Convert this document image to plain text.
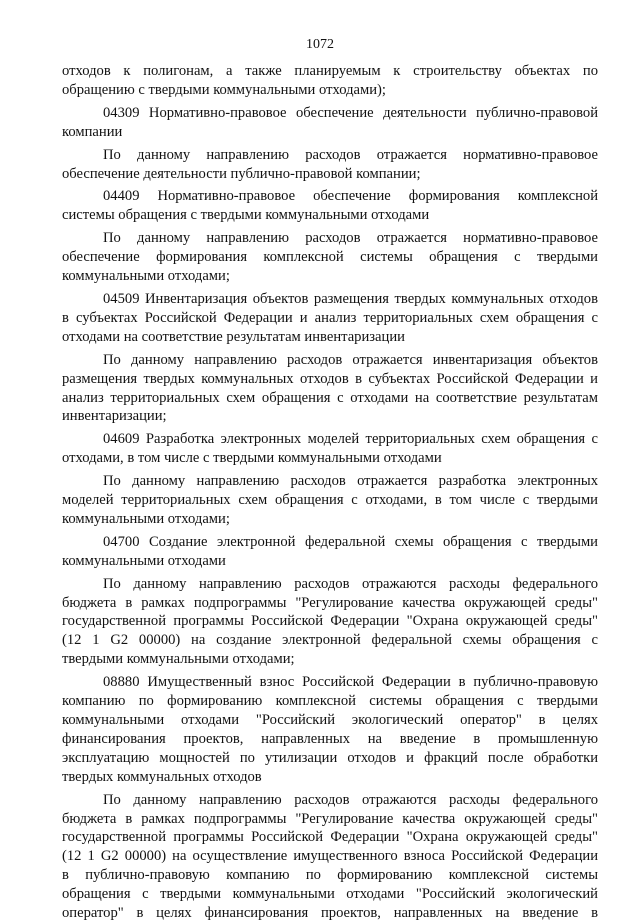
1072
отходов к полигонам, а также планируемым к строительству объектах по
обращению с твердыми коммунальными отходами);
04309 Нормативно-правовое обеспечение деятельности публично-правовой
компании
По данному направлению расходов отражается нормативно-правовое
обеспечение деятельности публично-правовой компании;
04409 Нормативно-правовое обеспечение формирования комплексной
системы обращения с твердыми коммунальными отходами
По данному направлению расходов отражается нормативно-правовое
обеспечение формирования комплексной системы обращения с твердыми
коммунальными отходами;
04509 Инвентаризация объектов размещения твердых коммунальных отходов
в субъектах Российской Федерации и анализ территориальных схем обращения с
отходами на соответствие результатам инвентаризации
По данному направлению расходов отражается инвентаризация объектов
размещения твердых коммунальных отходов в субъектах Российской Федерации и
анализ территориальных схем обращения с отходами на соответствие результатам
инвентаризации;
04609 Разработка электронных моделей территориальных схем обращения с
отходами, в том числе с твердыми коммунальными отходами
По данному направлению расходов отражается разработка электронных
моделей территориальных схем обращения с отходами, в том числе с твердыми
коммунальными отходами;
04700 Создание электронной федеральной схемы обращения с твердыми
коммунальными отходами
По данному направлению расходов отражаются расходы федерального
бюджета в рамках подпрограммы "Регулирование качества окружающей среды"
государственной программы Российской Федерации "Охрана окружающей среды"
(12 1 G2 00000) на создание электронной федеральной схемы обращения с
твердыми коммунальными отходами;
08880 Имущественный взнос Российской Федерации в публично-правовую
компанию по формированию комплексной системы обращения с твердыми
коммунальными отходами "Российский экологический оператор" в целях
финансирования проектов, направленных на введение в промышленную
эксплуатацию мощностей по утилизации отходов и фракций после обработки
твердых коммунальных отходов
По данному направлению расходов отражаются расходы федерального
бюджета в рамках подпрограммы "Регулирование качества окружающей среды"
государственной программы Российской Федерации "Охрана окружающей среды"
(12 1 G2 00000) на осуществление имущественного взноса Российской Федерации
в публично-правовую компанию по формированию комплексной системы
обращения с твердыми коммунальными отходами "Российский экологический
оператор" в целях финансирования проектов, направленных на введение в
